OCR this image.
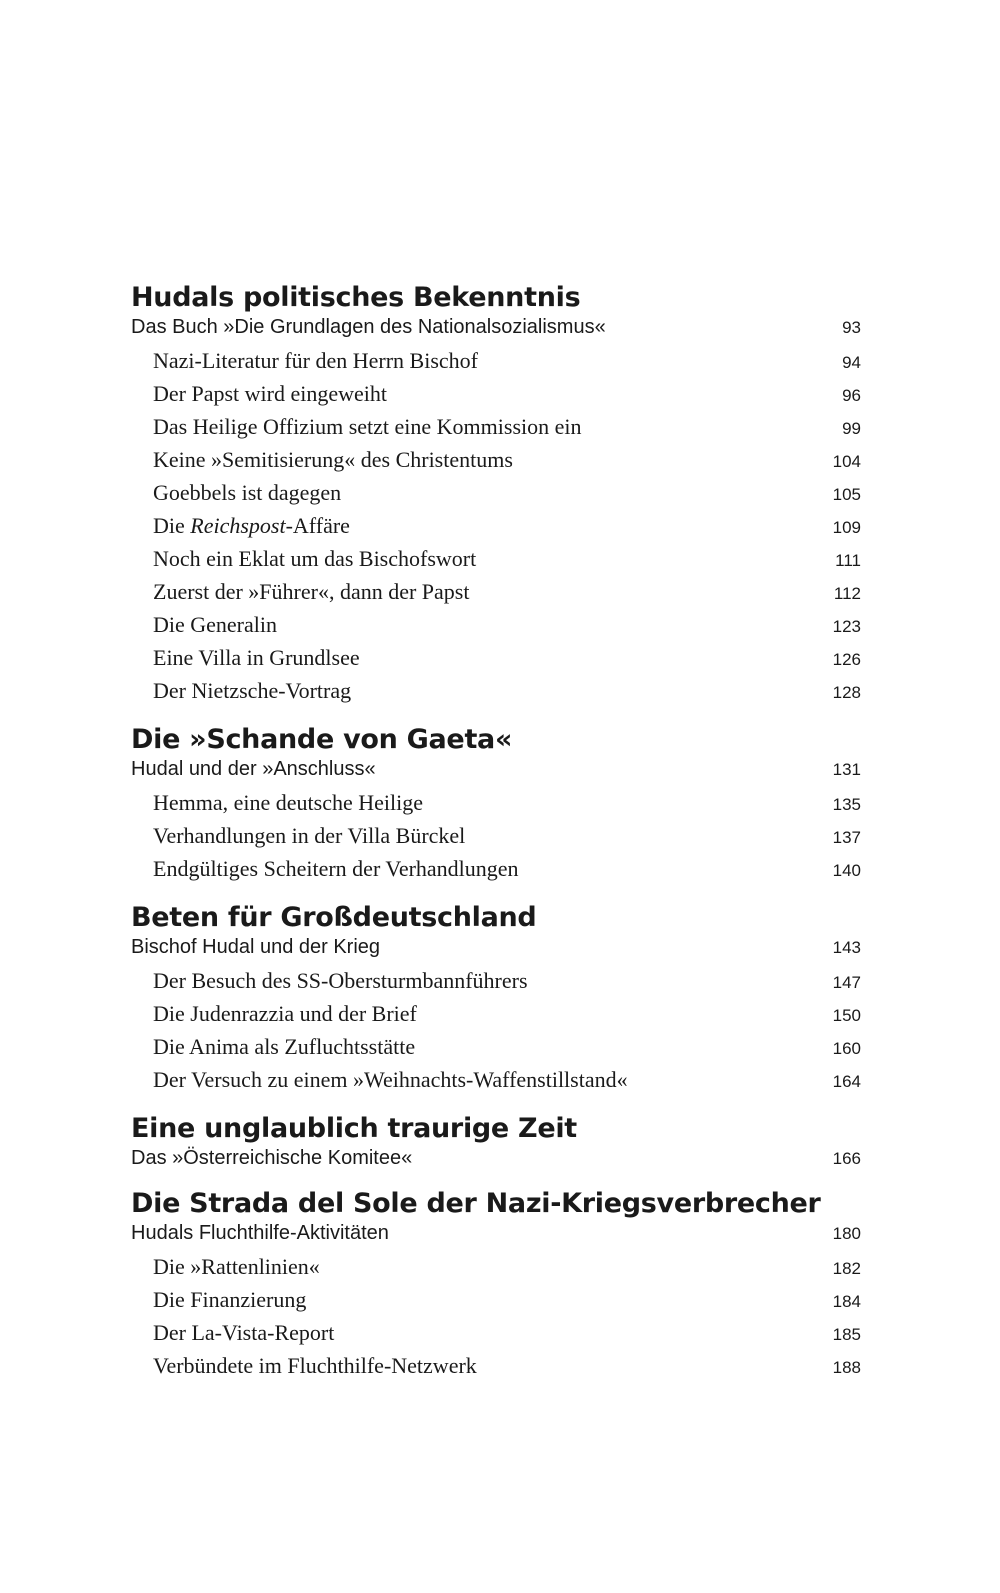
Hudals politisches Bekenntnis
Das Buch »Die Grundlagen des Nationalsozialismus«	93
Nazi-Literatur für den Herrn Bischof	94
Der Papst wird eingeweiht	96
Das Heilige Offizium setzt eine Kommission ein	99
Keine »Semitisierung« des Christentums	104
Goebbels ist dagegen	105
Die Reichspost-Affäre	109
Noch ein Eklat um das Bischofswort	111
Zuerst der »Führer«, dann der Papst	112
Die Generalin	123
Eine Villa in Grundlsee	126
Der Nietzsche-Vortrag	128
Die »Schande von Gaeta«
Hudal und der »Anschluss«	131
Hemma, eine deutsche Heilige	135
Verhandlungen in der Villa Bürckel	137
Endgültiges Scheitern der Verhandlungen	140
Beten für Großdeutschland
Bischof Hudal und der Krieg	143
Der Besuch des SS-Obersturmbannführers	147
Die Judenrazzia und der Brief	150
Die Anima als Zufluchtsstätte	160
Der Versuch zu einem »Weihnachts-Waffenstillstand«	164
Eine unglaublich traurige Zeit
Das »Österreichische Komitee«	166
Die Strada del Sole der Nazi-Kriegsverbrecher
Hudals Fluchthilfe-Aktivitäten	180
Die »Rattenlinien«	182
Die Finanzierung	184
Der La-Vista-Report	185
Verbündete im Fluchthilfe-Netzwerk	188
